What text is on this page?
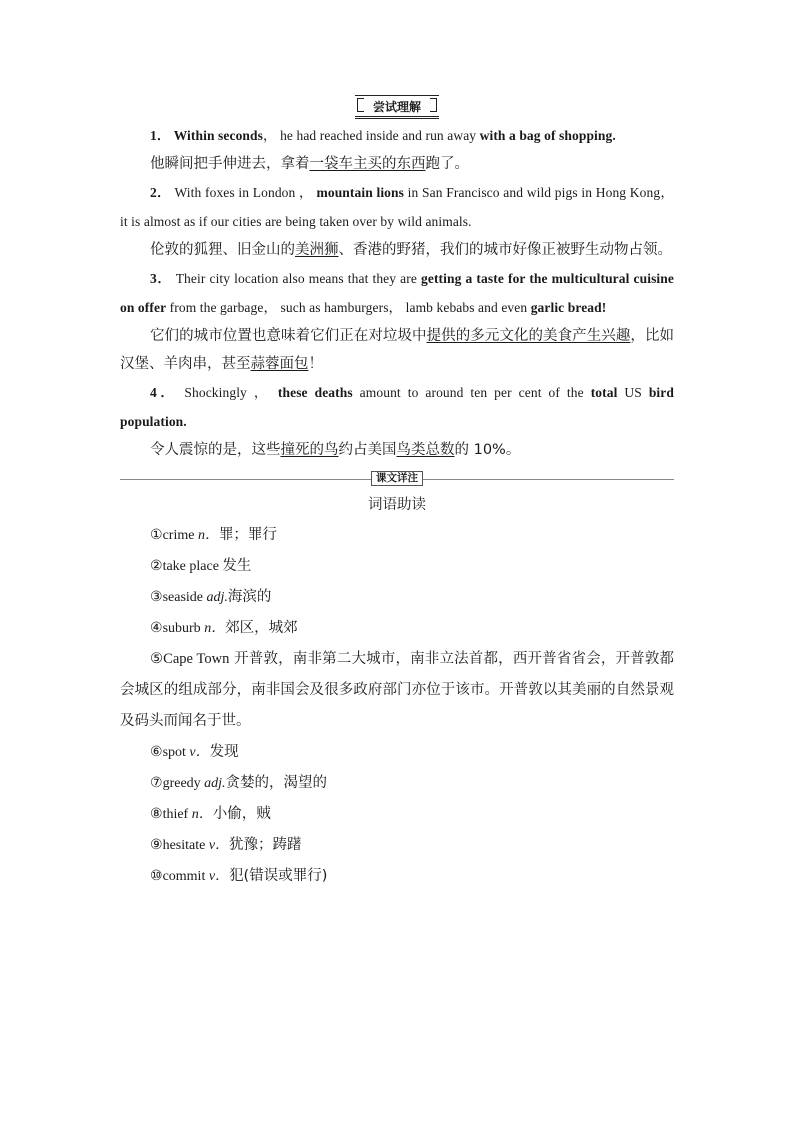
尝试理解

1． Within seconds， he had reached inside and run away with a bag of shopping.

他瞬间把手伸进去，拿着一袋车主买的东西跑了。

2． With foxes in London ， mountain lions in San Francisco and wild pigs in Hong Kong， it is almost as if our cities are being taken over by wild animals.

伦敦的狐狸、旧金山的美洲狮、香港的野猪，我们的城市好像正被野生动物占领。

3． Their city location also means that they are getting a taste for the multicultural cuisine on offer from the garbage， such as hamburgers， lamb kebabs and even garlic bread!

它们的城市位置也意味着它们正在对垃圾中提供的多元文化的美食产生兴趣，比如汉堡、羊肉串，甚至蒜蓉面包！

4． Shockingly ， these deaths amount to around ten per cent of the total US bird population.

令人震惊的是，这些撞死的鸟约占美国鸟类总数的 10%。

课文详注
词语助读

①crime n．罪；罪行

②take place 发生

③seaside adj.海滨的

④suburb n．郊区，城郊

⑤Cape Town 开普敦，南非第二大城市，南非立法首都，西开普省省会，开普敦都会城区的组成部分，南非国会及很多政府部门亦位于该市。开普敦以其美丽的自然景观及码头而闻名于世。

⑥spot v．发现

⑦greedy adj.贪婪的，渴望的

⑧thief n．小偷，贼

⑨hesitate v．犹豫；踌躇

⑩commit v．犯(错误或罪行)
